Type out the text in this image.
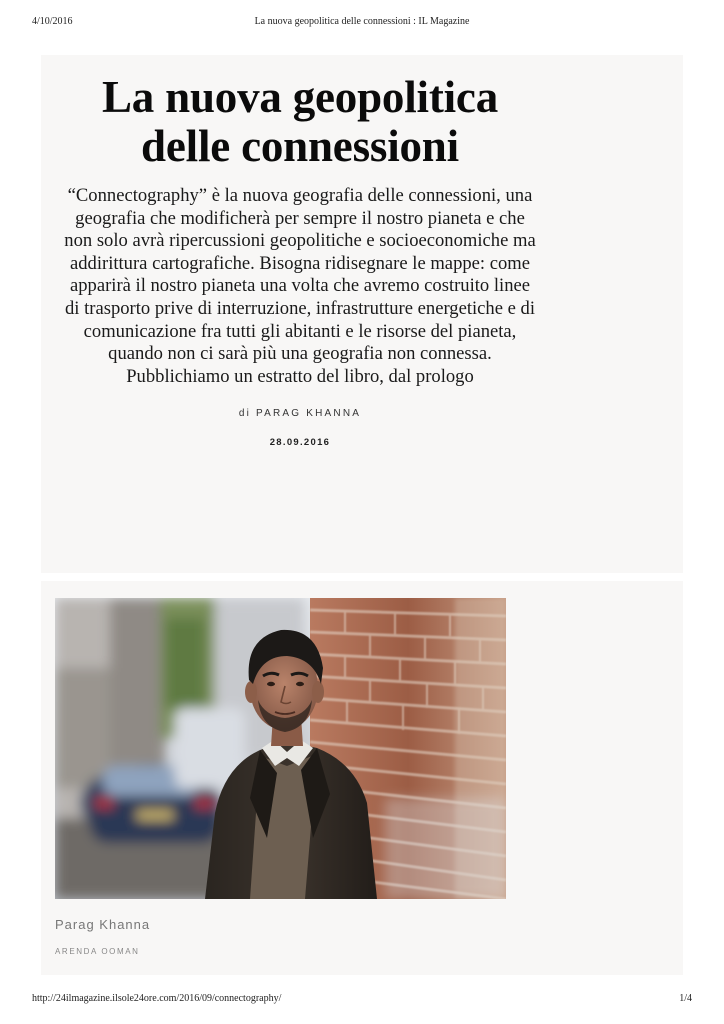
4/10/2016	La nuova geopolitica delle connessioni : IL Magazine
La nuova geopolitica
delle connessioni

“Connectography” è la nuova geografia delle connessioni, una geografia che modificherà per sempre il nostro pianeta e che non solo avrà ripercussioni geopolitiche e socioeconomiche ma addirittura cartografiche. Bisogna ridisegnare le mappe: come apparirà il nostro pianeta una volta che avremo costruito linee di trasporto prive di interruzione, infrastrutture energetiche e di comunicazione fra tutti gli abitanti e le risorse del pianeta, quando non ci sarà più una geografia non connessa. Pubblichiamo un estratto del libro, dal prologo

di PARAG KHANNA
28.09.2016
Parag Khanna
ARENDA OOMAN
http://24ilmagazine.ilsole24ore.com/2016/09/connectography/	1/4
